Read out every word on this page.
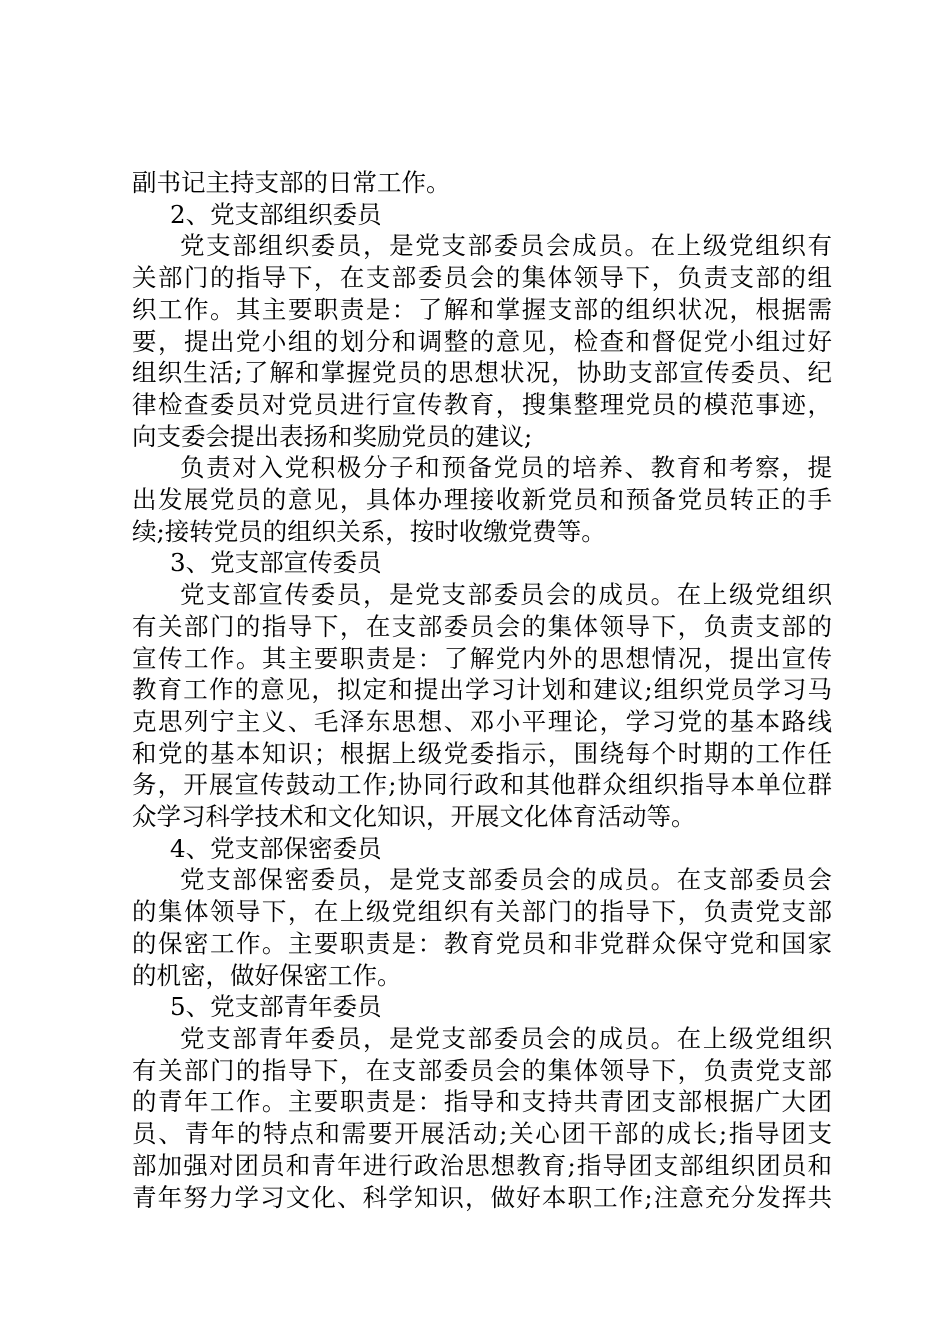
副书记主持支部的日常工作。

2、党支部组织委员

党支部组织委员，是党支部委员会成员。在上级党组织有
关部门的指导下，在支部委员会的集体领导下，负责支部的组
织工作。其主要职责是：了解和掌握支部的组织状况，根据需
要，提出党小组的划分和调整的意见，检查和督促党小组过好
组织生活;了解和掌握党员的思想状况，协助支部宣传委员、纪
律检查委员对党员进行宣传教育，搜集整理党员的模范事迹，
向支委会提出表扬和奖励党员的建议;

负责对入党积极分子和预备党员的培养、教育和考察，提
出发展党员的意见，具体办理接收新党员和预备党员转正的手
续;接转党员的组织关系，按时收缴党费等。

3、党支部宣传委员

党支部宣传委员，是党支部委员会的成员。在上级党组织
有关部门的指导下，在支部委员会的集体领导下，负责支部的
宣传工作。其主要职责是：了解党内外的思想情况，提出宣传
教育工作的意见，拟定和提出学习计划和建议;组织党员学习马
克思列宁主义、毛泽东思想、邓小平理论，学习党的基本路线
和党的基本知识；根据上级党委指示，围绕每个时期的工作任
务，开展宣传鼓动工作;协同行政和其他群众组织指导本单位群
众学习科学技术和文化知识，开展文化体育活动等。

4、党支部保密委员

党支部保密委员，是党支部委员会的成员。在支部委员会
的集体领导下，在上级党组织有关部门的指导下，负责党支部
的保密工作。主要职责是：教育党员和非党群众保守党和国家
的机密，做好保密工作。

5、党支部青年委员

党支部青年委员，是党支部委员会的成员。在上级党组织
有关部门的指导下，在支部委员会的集体领导下，负责党支部
的青年工作。主要职责是：指导和支持共青团支部根据广大团
员、青年的特点和需要开展活动;关心团干部的成长;指导团支
部加强对团员和青年进行政治思想教育;指导团支部组织团员和
青年努力学习文化、科学知识，做好本职工作;注意充分发挥共
